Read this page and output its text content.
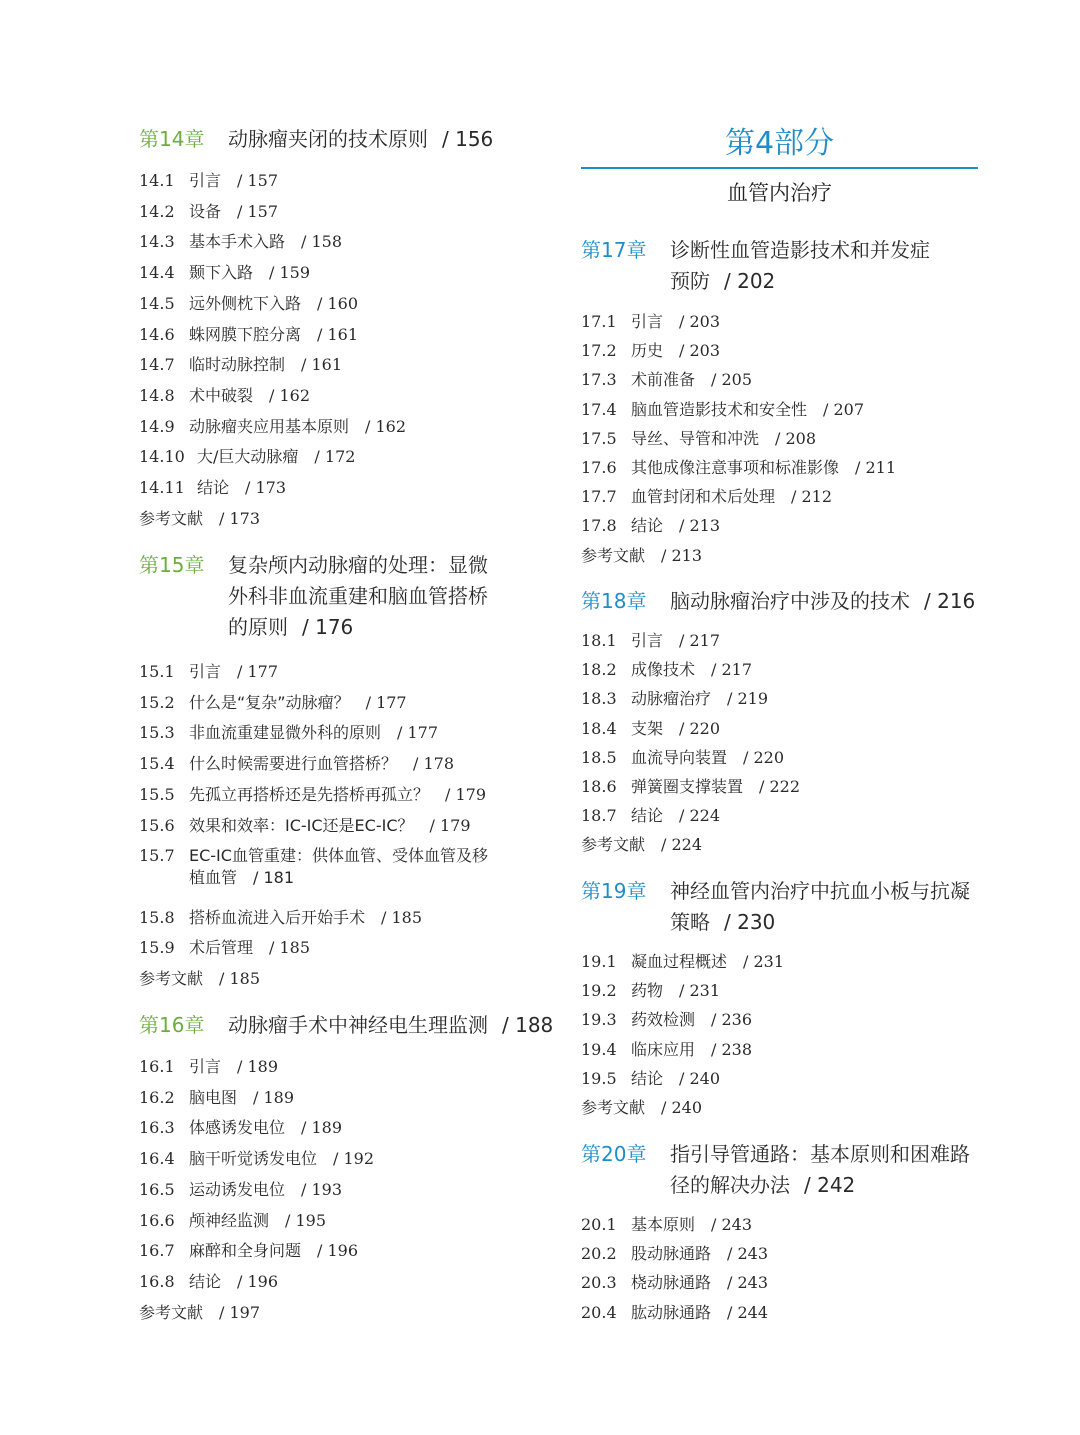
第14章 动脉瘤夹闭的技术原则 / 156
14.1 引言 / 157
14.2 设备 / 157
14.3 基本手术入路 / 158
14.4 颞下入路 / 159
14.5 远外侧枕下入路 / 160
14.6 蛛网膜下腔分离 / 161
14.7 临时动脉控制 / 161
14.8 术中破裂 / 162
14.9 动脉瘤夹应用基本原则 / 162
14.10 大/巨大动脉瘤 / 172
14.11 结论 / 173
参考文献 / 173
第15章 复杂颅内动脉瘤的处理：显微
外科非血流重建和脑血管搭桥
的原则 / 176
15.1 引言 / 177
15.2 什么是“复杂”动脉瘤？ / 177
15.3 非血流重建显微外科的原则 / 177
15.4 什么时候需要进行血管搭桥？ / 178
15.5 先孤立再搭桥还是先搭桥再孤立？ / 179
15.6 效果和效率：IC-IC还是EC-IC？ / 179
15.7 EC-IC血管重建：供体血管、受体血管及移
植血管 / 181
15.8 搭桥血流进入后开始手术 / 185
15.9 术后管理 / 185
参考文献 / 185
第16章 动脉瘤手术中神经电生理监测 / 188
16.1 引言 / 189
16.2 脑电图 / 189
16.3 体感诱发电位 / 189
16.4 脑干听觉诱发电位 / 192
16.5 运动诱发电位 / 193
16.6 颅神经监测 / 195
16.7 麻醉和全身问题 / 196
16.8 结论 / 196
参考文献 / 197
第4部分
血管内治疗
第17章 诊断性血管造影技术和并发症
预防 / 202
17.1 引言 / 203
17.2 历史 / 203
17.3 术前准备 / 205
17.4 脑血管造影技术和安全性 / 207
17.5 导丝、导管和冲洗 / 208
17.6 其他成像注意事项和标准影像 / 211
17.7 血管封闭和术后处理 / 212
17.8 结论 / 213
参考文献 / 213
第18章 脑动脉瘤治疗中涉及的技术 / 216
18.1 引言 / 217
18.2 成像技术 / 217
18.3 动脉瘤治疗 / 219
18.4 支架 / 220
18.5 血流导向装置 / 220
18.6 弹簧圈支撑装置 / 222
18.7 结论 / 224
参考文献 / 224
第19章 神经血管内治疗中抗血小板与抗凝
策略 / 230
19.1 凝血过程概述 / 231
19.2 药物 / 231
19.3 药效检测 / 236
19.4 临床应用 / 238
19.5 结论 / 240
参考文献 / 240
第20章 指引导管通路：基本原则和困难路
径的解决办法 / 242
20.1 基本原则 / 243
20.2 股动脉通路 / 243
20.3 桡动脉通路 / 243
20.4 肱动脉通路 / 244
